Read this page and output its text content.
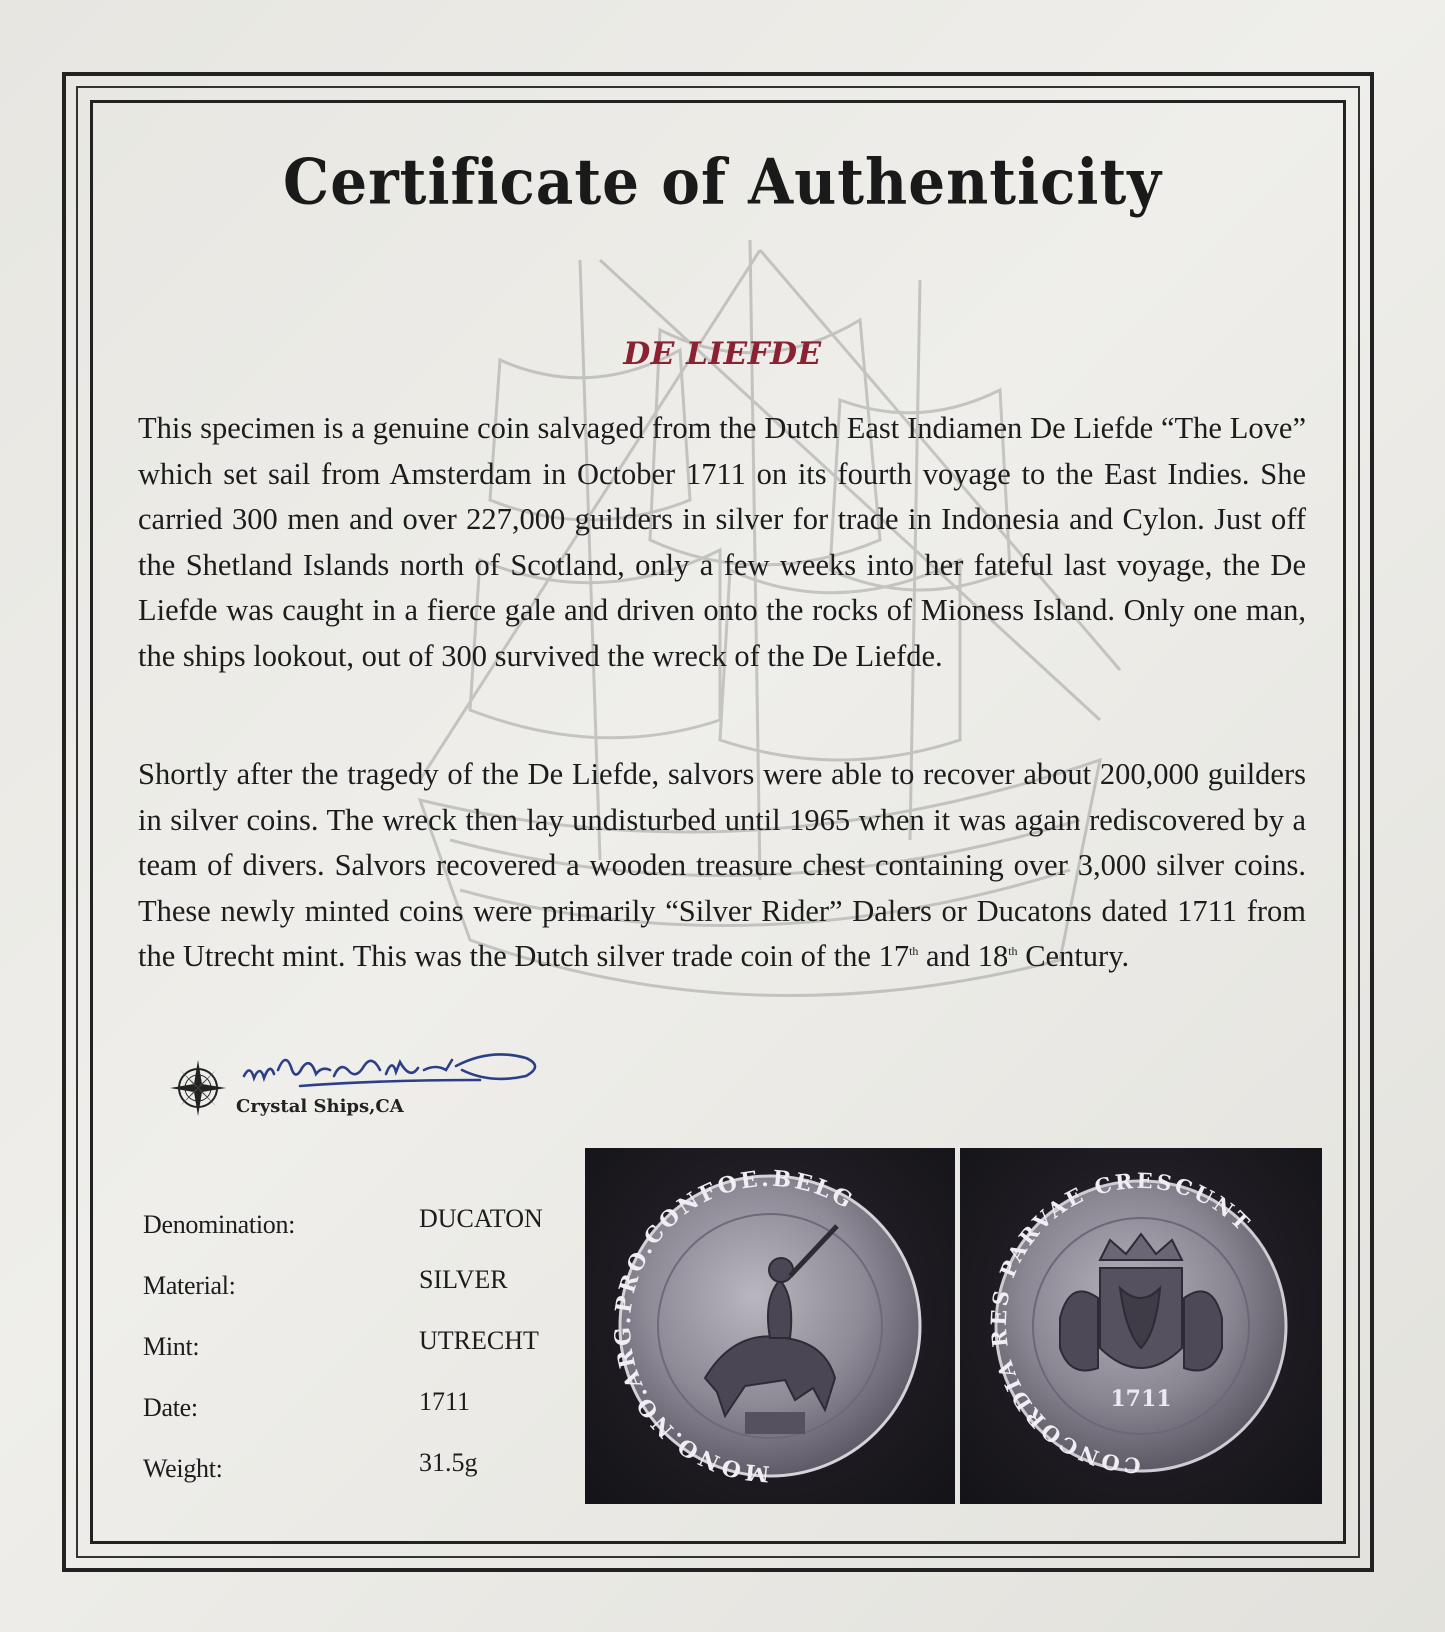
Certificate of Authenticity
DE LIEFDE

This specimen is a genuine coin salvaged from the Dutch East Indiamen De Liefde “The Love” which set sail from Amsterdam in October 1711 on its fourth voyage to the East Indies. She carried 300 men and over 227,000 guilders in silver for trade in Indonesia and Cylon. Just off the Shetland Islands north of Scotland, only a few weeks into her fateful last voyage, the De Liefde was caught in a fierce gale and driven onto the rocks of Mioness Island. Only one man, the ships lookout, out of 300 survived the wreck of the De Liefde.

Shortly after the tragedy of the De Liefde, salvors were able to recover about 200,000 guilders in silver coins. The wreck then lay undisturbed until 1965 when it was again rediscovered by a team of divers. Salvors recovered a wooden treasure chest containing over 3,000 silver coins. These newly minted coins were primarily “Silver Rider” Dalers or Ducatons dated 1711 from the Utrecht mint. This was the Dutch silver trade coin of the 17th and 18th Century.

Crystal Ships,CA
Denomination:	DUCATON
Material:	SILVER
Mint:	UTRECHT
Date:	1711
Weight:	31.5g	MONO.NO.ARG.PRO.CONFOE.BELG
CONCORDIA RES PARVAE CRESCUNT
1711
